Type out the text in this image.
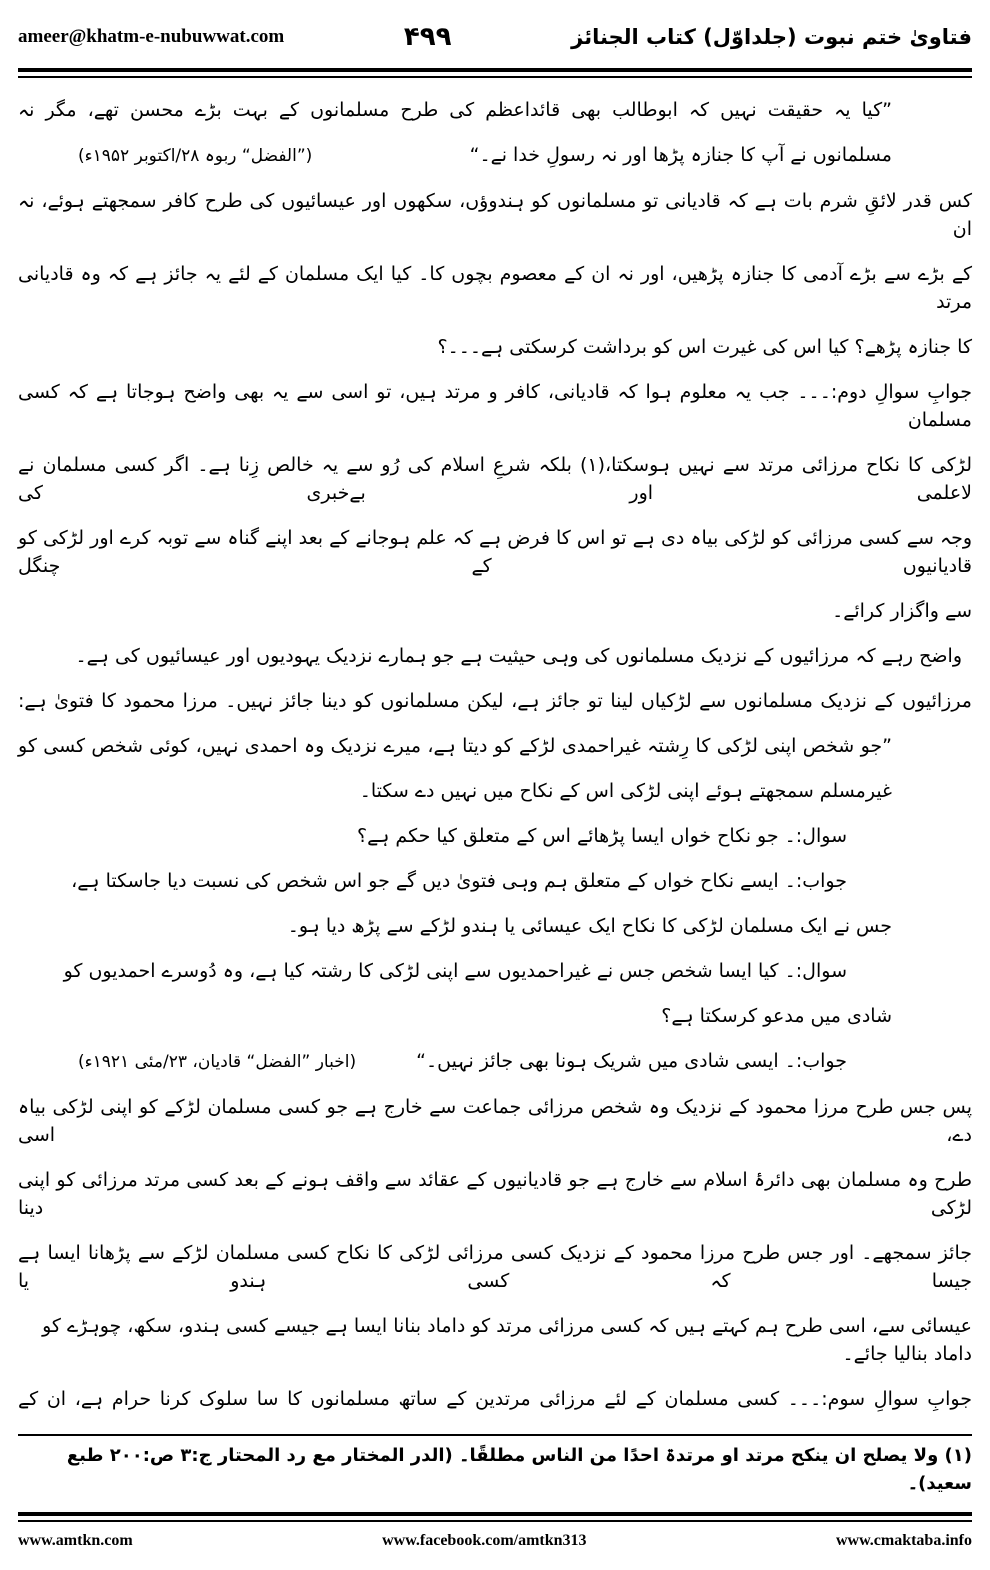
ameer@khatm-e-nubuwwat.com	۴۹۹	فتاویٰ ختم نبوت (جلداوّل) کتاب الجنائز
”کیا یہ حقیقت نہیں کہ ابوطالب بھی قائداعظم کی طرح مسلمانوں کے بہت بڑے محسن تھے، مگر نہ
مسلمانوں نے آپ کا جنازہ پڑھا اور نہ رسولِ خدا نے۔“
(”الفضل“ ربوہ ۲۸/اکتوبر ۱۹۵۲ء)
کس قدر لائقِ شرم بات ہے کہ قادیانی تو مسلمانوں کو ہندوؤں، سکھوں اور عیسائیوں کی طرح کافر سمجھتے ہوئے، نہ ان
کے بڑے سے بڑے آدمی کا جنازہ پڑھیں، اور نہ ان کے معصوم بچوں کا۔ کیا ایک مسلمان کے لئے یہ جائز ہے کہ وہ قادیانی مرتد
کا جنازہ پڑھے؟ کیا اس کی غیرت اس کو برداشت کرسکتی ہے۔۔۔؟
جوابِ سوالِ دوم:۔۔۔ جب یہ معلوم ہوا کہ قادیانی، کافر و مرتد ہیں، تو اسی سے یہ بھی واضح ہوجاتا ہے کہ کسی مسلمان
لڑکی کا نکاح مرزائی مرتد سے نہیں ہوسکتا،(۱) بلکہ شرعِ اسلام کی رُو سے یہ خالص زِنا ہے۔ اگر کسی مسلمان نے لاعلمی اور بےخبری کی
وجہ سے کسی مرزائی کو لڑکی بیاہ دی ہے تو اس کا فرض ہے کہ علم ہوجانے کے بعد اپنے گناہ سے توبہ کرے اور لڑکی کو قادیانیوں کے چنگل
سے واگزار کرائے۔
واضح رہے کہ مرزائیوں کے نزدیک مسلمانوں کی وہی حیثیت ہے جو ہمارے نزدیک یہودیوں اور عیسائیوں کی ہے۔
مرزائیوں کے نزدیک مسلمانوں سے لڑکیاں لینا تو جائز ہے، لیکن مسلمانوں کو دینا جائز نہیں۔ مرزا محمود کا فتویٰ ہے:
”جو شخص اپنی لڑکی کا رِشتہ غیراحمدی لڑکے کو دیتا ہے، میرے نزدیک وہ احمدی نہیں، کوئی شخص کسی کو
غیرمسلم سمجھتے ہوئے اپنی لڑکی اس کے نکاح میں نہیں دے سکتا۔
سوال:۔ جو نکاح خواں ایسا پڑھائے اس کے متعلق کیا حکم ہے؟
جواب:۔ ایسے نکاح خواں کے متعلق ہم وہی فتویٰ دیں گے جو اس شخص کی نسبت دیا جاسکتا ہے،
جس نے ایک مسلمان لڑکی کا نکاح ایک عیسائی یا ہندو لڑکے سے پڑھ دیا ہو۔
سوال:۔ کیا ایسا شخص جس نے غیراحمدیوں سے اپنی لڑکی کا رشتہ کیا ہے، وہ دُوسرے احمدیوں کو
شادی میں مدعو کرسکتا ہے؟
جواب:۔ ایسی شادی میں شریک ہونا بھی جائز نہیں۔“
(اخبار ”الفضل“ قادیان، ۲۳/مئی ۱۹۲۱ء)
پس جس طرح مرزا محمود کے نزدیک وہ شخص مرزائی جماعت سے خارج ہے جو کسی مسلمان لڑکے کو اپنی لڑکی بیاہ دے، اسی
طرح وہ مسلمان بھی دائرۂ اسلام سے خارج ہے جو قادیانیوں کے عقائد سے واقف ہونے کے بعد کسی مرتد مرزائی کو اپنی لڑکی دینا
جائز سمجھے۔ اور جس طرح مرزا محمود کے نزدیک کسی مرزائی لڑکی کا نکاح کسی مسلمان لڑکے سے پڑھانا ایسا ہے جیسا کہ کسی ہندو یا
عیسائی سے، اسی طرح ہم کہتے ہیں کہ کسی مرزائی مرتد کو داماد بنانا ایسا ہے جیسے کسی ہندو، سکھ، چوہڑے کو داماد بنالیا جائے۔
جوابِ سوالِ سوم:۔۔۔ کسی مسلمان کے لئے مرزائی مرتدین کے ساتھ مسلمانوں کا سا سلوک کرنا حرام ہے، ان کے
(۱) ولا یصلح ان ینکح مرتد او مرتدۃ احدًا من الناس مطلقًا۔ (الدر المختار مع رد المحتار ج:۳ ص:۲۰۰ طبع سعید)۔
www.amtkn.com	www.facebook.com/amtkn313	www.cmaktaba.info
